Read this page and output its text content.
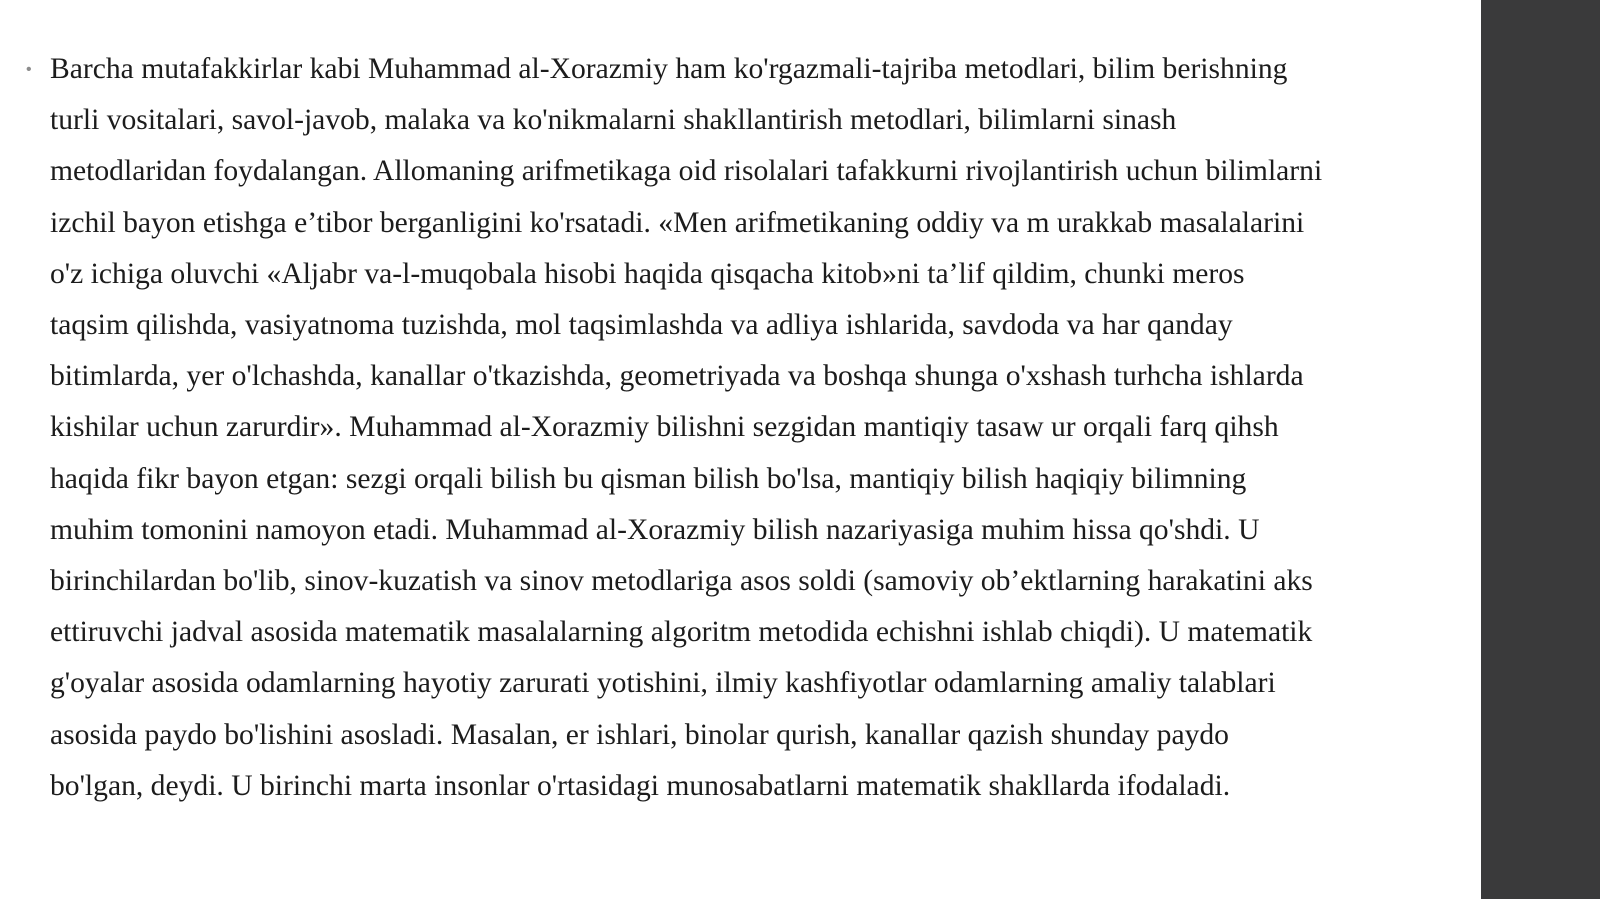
• Barcha mutafakkirlar kabi Muhammad al-Xorazmiy ham ko'rgazmali-tajriba metodlari, bilim berishning
turli vositalari, savol-javob, malaka va ko'nikmalarni shakllantirish metodlari, bilimlarni sinash
metodlaridan foydalangan. Allomaning arifmetikaga oid risolalari tafakkurni rivojlantirish uchun bilimlarni
izchil bayon etishga e’tibor berganligini ko'rsatadi. «Men arifmetikaning oddiy va m urakkab masalalarini
o'z ichiga oluvchi «Aljabr va-l-muqobala hisobi haqida qisqacha kitob»ni ta’lif qildim, chunki meros
taqsim qilishda, vasiyatnoma tuzishda, mol taqsimlashda va adliya ishlarida, savdoda va har qanday
bitimlarda, yer o'lchashda, kanallar o'tkazishda, geometriyada va boshqa shunga o'xshash turhcha ishlarda
kishilar uchun zarurdir». Muhammad al-Xorazmiy bilishni sezgidan mantiqiy tasaw ur orqali farq qihsh
haqida fikr bayon etgan: sezgi orqali bilish bu qisman bilish bo'lsa, mantiqiy bilish haqiqiy bilimning
muhim tomonini namoyon etadi. Muhammad al-Xorazmiy bilish nazariyasiga muhim hissa qo'shdi. U
birinchilardan bo'lib, sinov-kuzatish va sinov metodlariga asos soldi (samoviy ob’ektlarning harakatini aks
ettiruvchi jadval asosida matematik masalalarning algoritm metodida echishni ishlab chiqdi). U matematik
g'oyalar asosida odamlarning hayotiy zarurati yotishini, ilmiy kashfiyotlar odamlarning amaliy talablari
asosida paydo bo'lishini asosladi. Masalan, er ishlari, binolar qurish, kanallar qazish shunday paydo
bo'lgan, deydi. U birinchi marta insonlar o'rtasidagi munosabatlarni matematik shakllarda ifodaladi.
